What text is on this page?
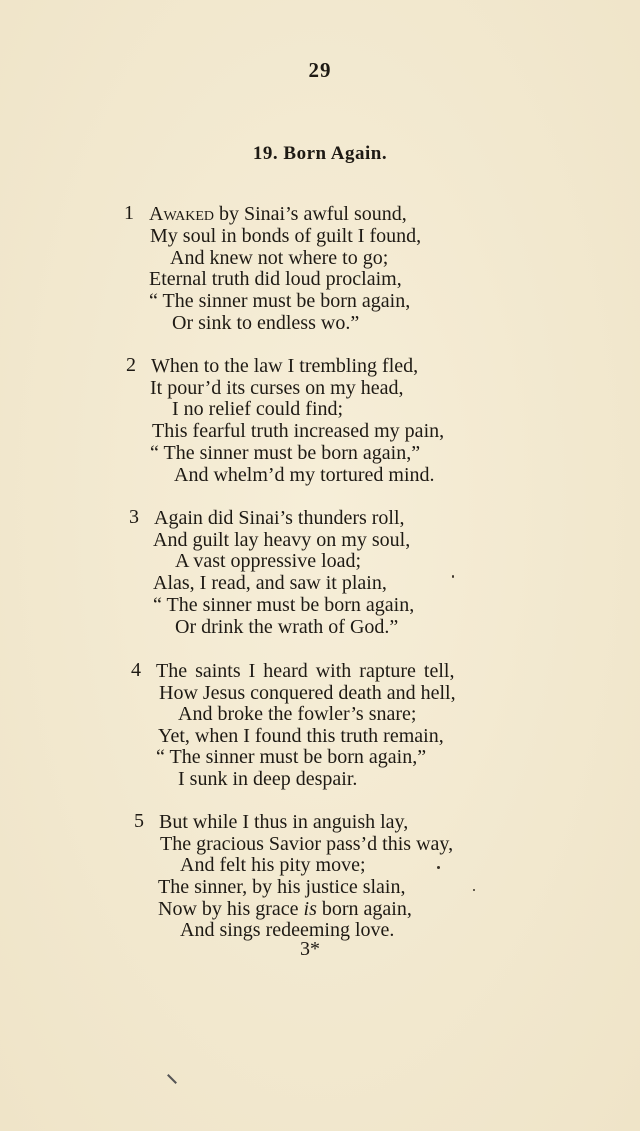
29
19. Born Again.
1 Awaked by Sinai’s awful sound,
My soul in bonds of guilt I found,
And knew not where to go;
Eternal truth did loud proclaim,
“ The sinner must be born again,
Or sink to endless wo.”
2 When to the law I trembling fled,
It pour’d its curses on my head,
I no relief could find;
This fearful truth increased my pain,
“ The sinner must be born again,”
And whelm’d my tortured mind.
3 Again did Sinai’s thunders roll,
And guilt lay heavy on my soul,
A vast oppressive load;
Alas, I read, and saw it plain,
“ The sinner must be born again,
Or drink the wrath of God.”
4 The saints I heard with rapture tell,
How Jesus conquered death and hell,
And broke the fowler’s snare;
Yet, when I found this truth remain,
“ The sinner must be born again,”
I sunk in deep despair.
5 But while I thus in anguish lay,
The gracious Savior pass’d this way,
And felt his pity move;
The sinner, by his justice slain,
Now by his grace is born again,
And sings redeeming love.
3*
